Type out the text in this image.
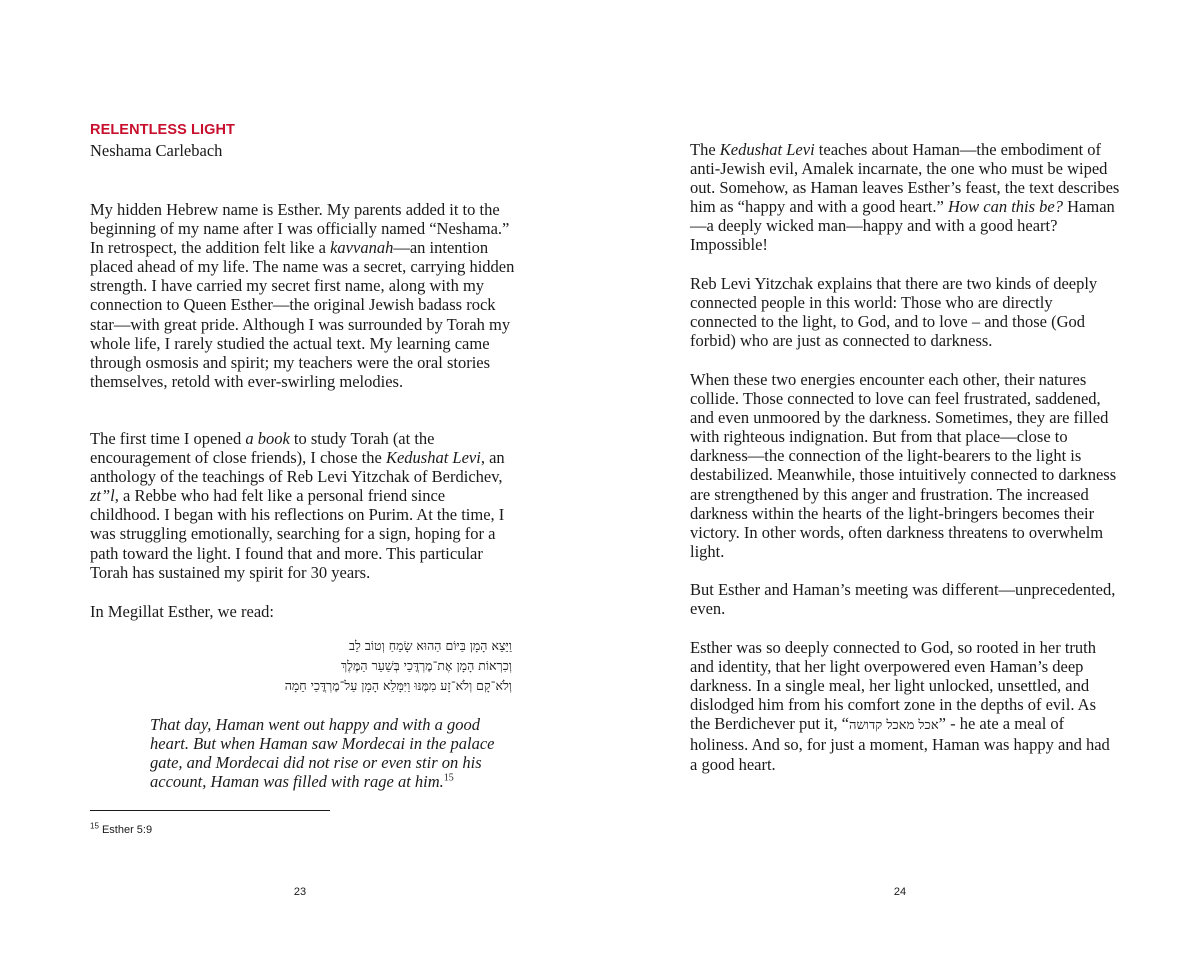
RELENTLESS LIGHT

Neshama Carlebach

My hidden Hebrew name is Esther. My parents added it to the beginning of my name after I was officially named “Neshama.” In retrospect, the addition felt like a kavvanah—an intention placed ahead of my life. The name was a secret, carrying hidden strength. I have carried my secret first name, along with my connection to Queen Esther—the original Jewish badass rock star—with great pride. Although I was surrounded by Torah my whole life, I rarely studied the actual text. My learning came through osmosis and spirit; my teachers were the oral stories themselves, retold with ever-swirling melodies.

The first time I opened a book to study Torah (at the encouragement of close friends), I chose the Kedushat Levi, an anthology of the teachings of Reb Levi Yitzchak of Berdichev, zt”l, a Rebbe who had felt like a personal friend since childhood. I began with his reflections on Purim. At the time, I was struggling emotionally, searching for a sign, hoping for a path toward the light. I found that and more. This particular Torah has sustained my spirit for 30 years.

In Megillat Esther, we read:

וַיֵּצֵא הָמָן בַּיּוֹם הַהוּא שָׂמֵחַ וְטוֹב לֵב
וְכִרְאוֹת הָמָן אֶת־מׇרְדֳּכַי בְּשַׁעַר הַמֶּלֶךְ
וְלֹא־קָם וְלֹא־זָע מִמֶּנּוּ וַיִּמָּלֵא הָמָן עַל־מׇרְדֳּכַי חֵמָה

That day, Haman went out happy and with a good heart. But when Haman saw Mordecai in the palace gate, and Mordecai did not rise or even stir on his account, Haman was filled with rage at him.$^{15}$

$^{15}$ Esther 5:9

23

The Kedushat Levi teaches about Haman—the embodiment of anti-Jewish evil, Amalek incarnate, the one who must be wiped out. Somehow, as Haman leaves Esther’s feast, the text describes him as “happy and with a good heart.” How can this be? Haman—a deeply wicked man—happy and with a good heart? Impossible!

Reb Levi Yitzchak explains that there are two kinds of deeply connected people in this world: Those who are directly connected to the light, to God, and to love – and those (God forbid) who are just as connected to darkness.

When these two energies encounter each other, their natures collide. Those connected to love can feel frustrated, saddened, and even unmoored by the darkness. Sometimes, they are filled with righteous indignation. But from that place—close to darkness—the connection of the light-bearers to the light is destabilized. Meanwhile, those intuitively connected to darkness are strengthened by this anger and frustration. The increased darkness within the hearts of the light-bringers becomes their victory. In other words, often darkness threatens to overwhelm light.

But Esther and Haman’s meeting was different—unprecedented, even.

Esther was so deeply connected to God, so rooted in her truth and identity, that her light overpowered even Haman’s deep darkness. In a single meal, her light unlocked, unsettled, and dislodged him from his comfort zone in the depths of evil. As the Berdichever put it, “אכל מאכל קדושה” - he ate a meal of holiness. And so, for just a moment, Haman was happy and had a good heart.

24
